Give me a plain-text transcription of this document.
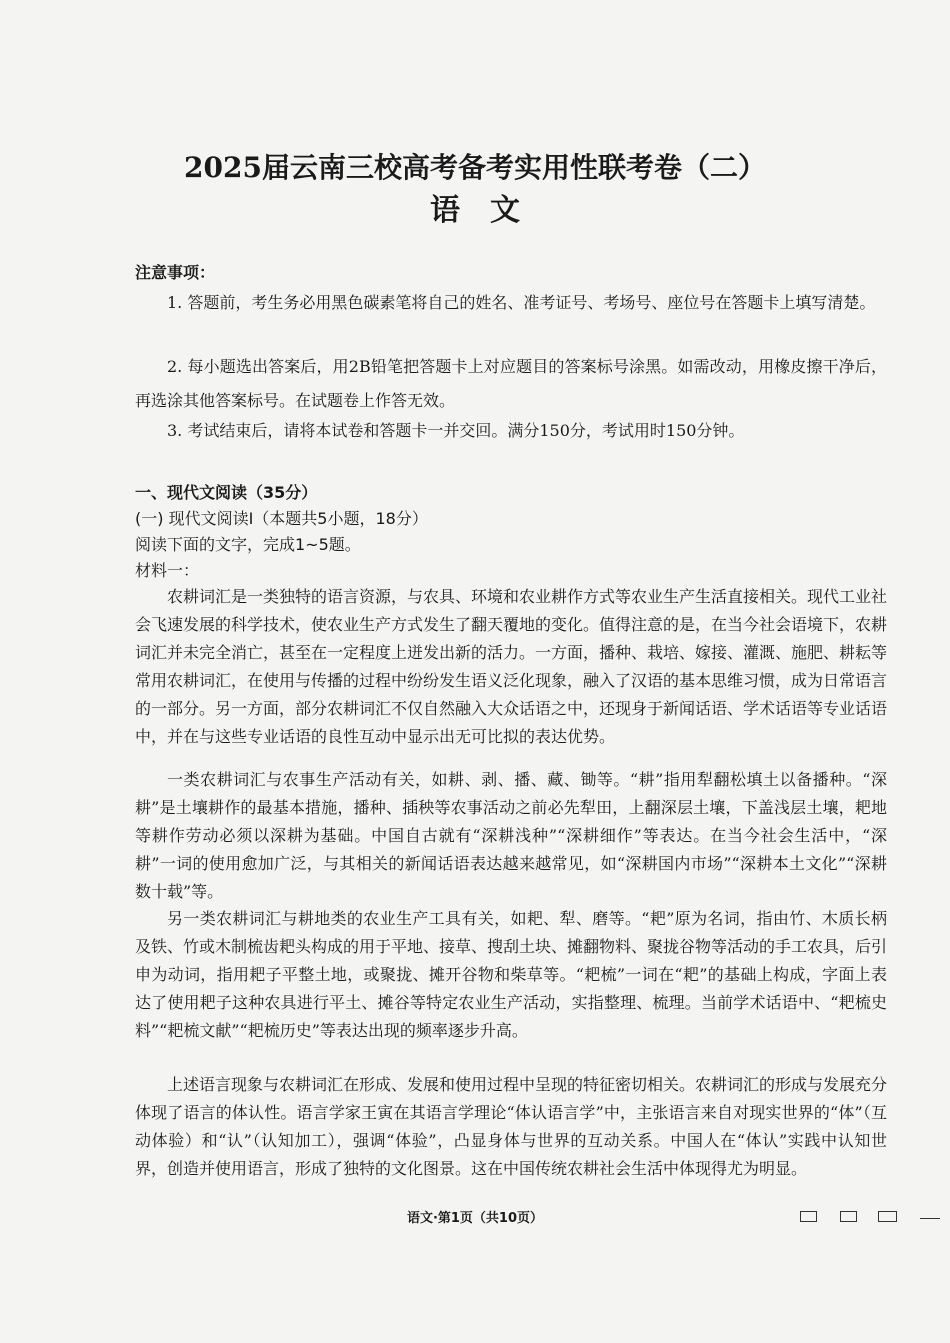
2025届云南三校高考备考实用性联考卷（二）
语文
注意事项：

1. 答题前，考生务必用黑色碳素笔将自己的姓名、准考证号、考场号、座位号在答题卡上填写清楚。

2. 每小题选出答案后，用2B铅笔把答题卡上对应题目的答案标号涂黑。如需改动，用橡皮擦干净后，再选涂其他答案标号。在试题卷上作答无效。

3. 考试结束后，请将本试卷和答题卡一并交回。满分150分，考试用时150分钟。

一、现代文阅读（35分）
(一) 现代文阅读Ⅰ（本题共5小题，18分）
阅读下面的文字，完成1~5题。
材料一：

农耕词汇是一类独特的语言资源，与农具、环境和农业耕作方式等农业生产生活直接相关。现代工业社会飞速发展的科学技术，使农业生产方式发生了翻天覆地的变化。值得注意的是，在当今社会语境下，农耕词汇并未完全消亡，甚至在一定程度上迸发出新的活力。一方面，播种、栽培、嫁接、灌溉、施肥、耕耘等常用农耕词汇，在使用与传播的过程中纷纷发生语义泛化现象，融入了汉语的基本思维习惯，成为日常语言的一部分。另一方面，部分农耕词汇不仅自然融入大众话语之中，还现身于新闻话语、学术话语等专业话语中，并在与这些专业话语的良性互动中显示出无可比拟的表达优势。

一类农耕词汇与农事生产活动有关，如耕、剥、播、藏、锄等。“耕”指用犁翻松填土以备播种。“深耕”是土壤耕作的最基本措施，播种、插秧等农事活动之前必先犁田，上翻深层土壤，下盖浅层土壤，耙地等耕作劳动必须以深耕为基础。中国自古就有“深耕浅种”“深耕细作”等表达。在当今社会生活中，“深耕”一词的使用愈加广泛，与其相关的新闻话语表达越来越常见，如“深耕国内市场”“深耕本土文化”“深耕数十载”等。

另一类农耕词汇与耕地类的农业生产工具有关，如耙、犁、磨等。“耙”原为名词，指由竹、木质长柄及铁、竹或木制梳齿耙头构成的用于平地、接草、搜刮土块、摊翻物料、聚拢谷物等活动的手工农具，后引申为动词，指用耙子平整土地，或聚拢、摊开谷物和柴草等。“耙梳”一词在“耙”的基础上构成，字面上表达了使用耙子这种农具进行平土、摊谷等特定农业生产活动，实指整理、梳理。当前学术话语中、“耙梳史料”“耙梳文献”“耙梳历史”等表达出现的频率逐步升高。

上述语言现象与农耕词汇在形成、发展和使用过程中呈现的特征密切相关。农耕词汇的形成与发展充分体现了语言的体认性。语言学家王寅在其语言学理论“体认语言学”中，主张语言来自对现实世界的“体”（互动体验）和“认”（认知加工），强调“体验”，凸显身体与世界的互动关系。中国人在“体认”实践中认知世界，创造并使用语言，形成了独特的文化图景。这在中国传统农耕社会生活中体现得尤为明显。

语文·第1页（共10页）
